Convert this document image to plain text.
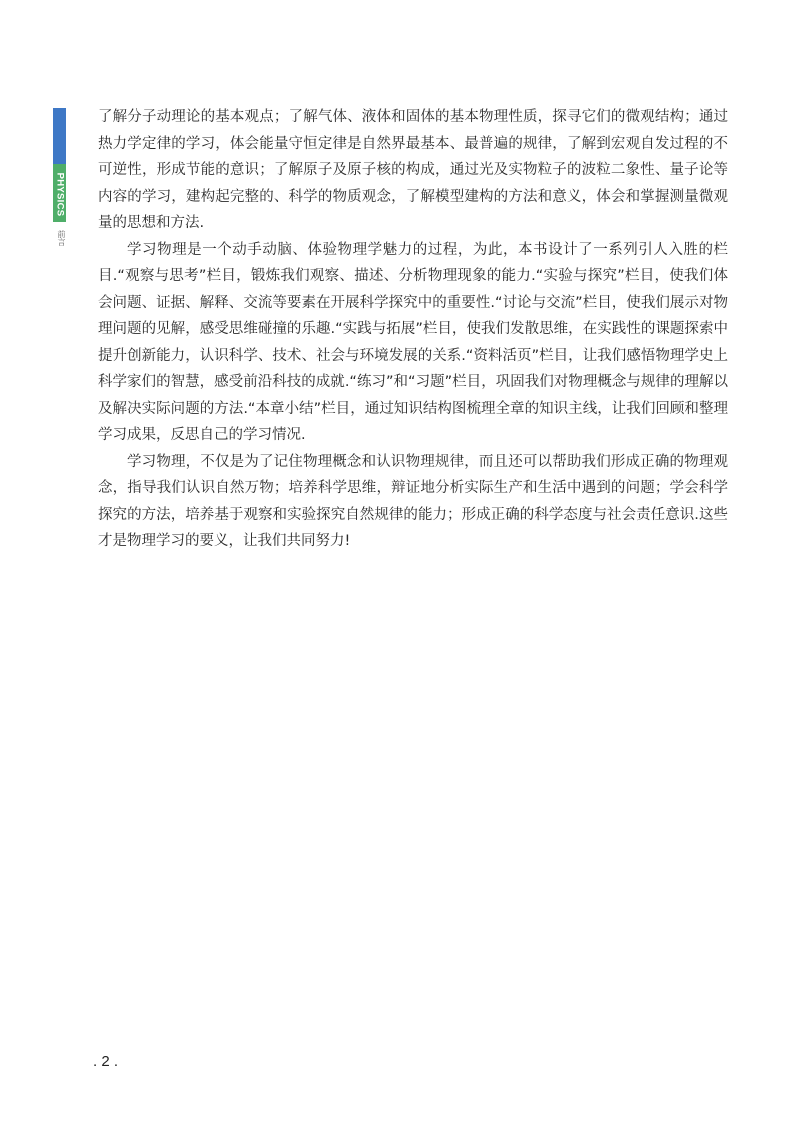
PHYSICS
前言

了解分子动理论的基本观点；了解气体、液体和固体的基本物理性质，探寻它们的微观结构；通过热力学定律的学习，体会能量守恒定律是自然界最基本、最普遍的规律，了解到宏观自发过程的不可逆性，形成节能的意识；了解原子及原子核的构成，通过光及实物粒子的波粒二象性、量子论等内容的学习，建构起完整的、科学的物质观念，了解模型建构的方法和意义，体会和掌握测量微观量的思想和方法.

学习物理是一个动手动脑、体验物理学魅力的过程，为此，本书设计了一系列引人入胜的栏目.“观察与思考”栏目，锻炼我们观察、描述、分析物理现象的能力.“实验与探究”栏目，使我们体会问题、证据、解释、交流等要素在开展科学探究中的重要性.“讨论与交流”栏目，使我们展示对物理问题的见解，感受思维碰撞的乐趣.“实践与拓展”栏目，使我们发散思维，在实践性的课题探索中提升创新能力，认识科学、技术、社会与环境发展的关系.“资料活页”栏目，让我们感悟物理学史上科学家们的智慧，感受前沿科技的成就.“练习”和“习题”栏目，巩固我们对物理概念与规律的理解以及解决实际问题的方法.“本章小结”栏目，通过知识结构图梳理全章的知识主线，让我们回顾和整理学习成果，反思自己的学习情况.

学习物理，不仅是为了记住物理概念和认识物理规律，而且还可以帮助我们形成正确的物理观念，指导我们认识自然万物；培养科学思维，辩证地分析实际生产和生活中遇到的问题；学会科学探究的方法，培养基于观察和实验探究自然规律的能力；形成正确的科学态度与社会责任意识.这些才是物理学习的要义，让我们共同努力!

. 2 .
